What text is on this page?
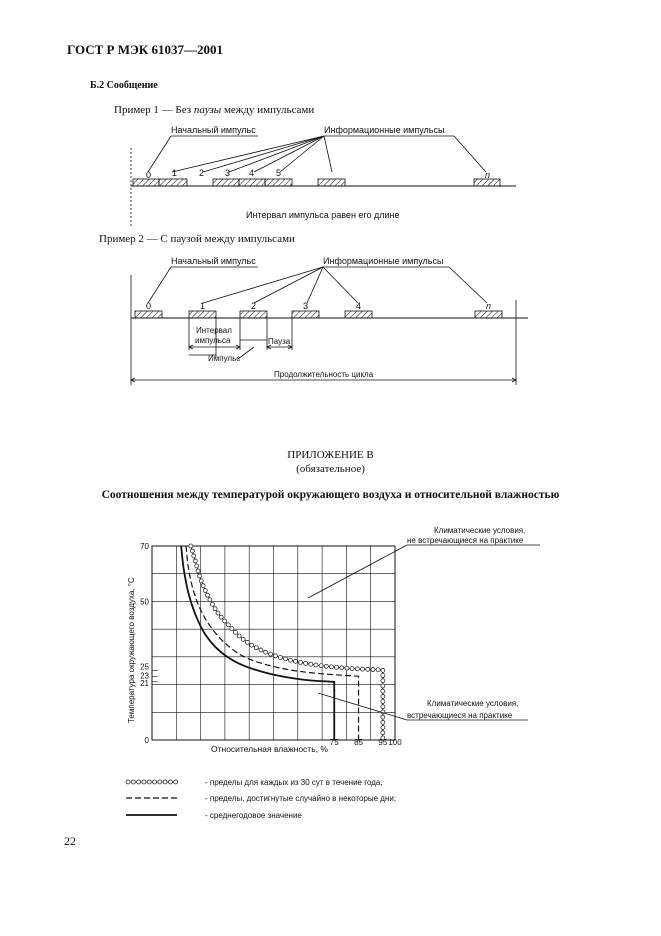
ГОСТ Р МЭК 61037—2001
Б.2 Сообщение
Пример 1 — Без паузы между импульсами
Пример 2 — С паузой между импульсами
Начальный импульс	Информационные импульсы
0 1 2 3 4 5	n
Интервал импульса равен его длине
Начальный импульс	Информационные импульсы
0	1	2	3	4	n
Интервал
импульса	Пауза
Импульс
Продолжительность цикла
ПРИЛОЖЕНИЕ В
(обязательное)
Соотношения между температурой окружающего воздуха и относительной влажностью
0
21
23
25
50
70
75 85 95 100
Температура окружающего воздуха, °C
Относительная влажность, %
Климатические условия,
не встречающиеся на практике
Климатические условия,
встречающиеся на практике
- пределы для каждых из 30 сут в течение года,
- пределы, достигнутые случайно в некоторые дни;
- среднегодовое значение
22
